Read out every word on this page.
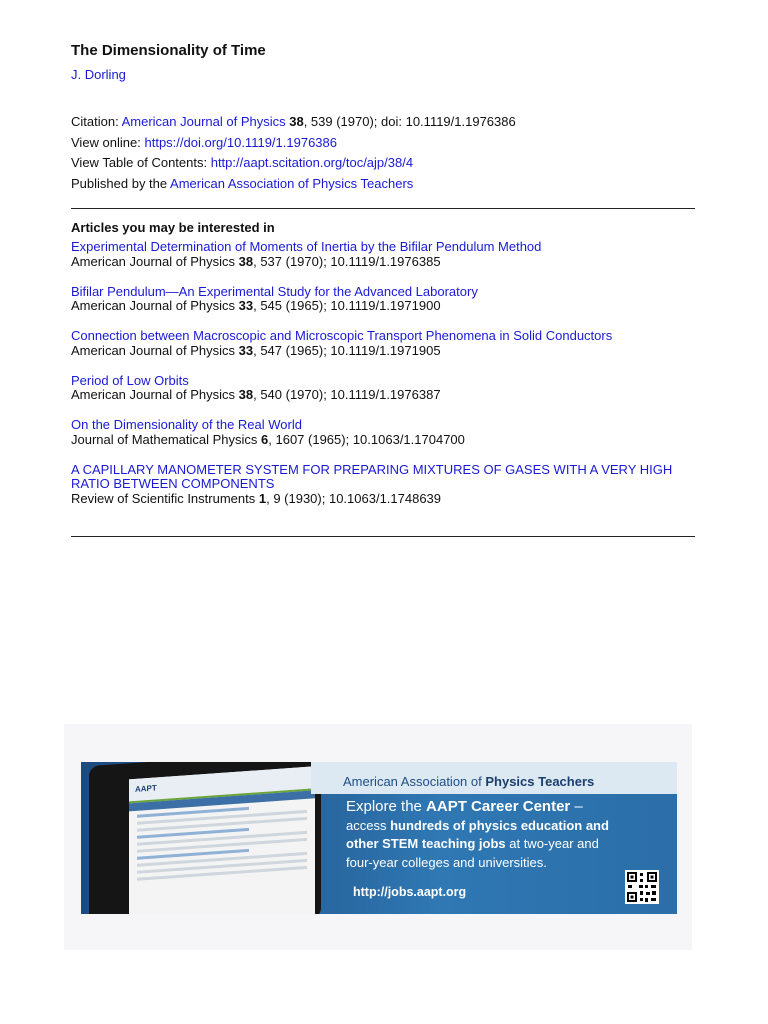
The Dimensionality of Time
J. Dorling
Citation: American Journal of Physics 38, 539 (1970); doi: 10.1119/1.1976386
View online: https://doi.org/10.1119/1.1976386
View Table of Contents: http://aapt.scitation.org/toc/ajp/38/4
Published by the American Association of Physics Teachers
Articles you may be interested in
Experimental Determination of Moments of Inertia by the Bifilar Pendulum Method
American Journal of Physics 38, 537 (1970); 10.1119/1.1976385
Bifilar Pendulum—An Experimental Study for the Advanced Laboratory
American Journal of Physics 33, 545 (1965); 10.1119/1.1971900
Connection between Macroscopic and Microscopic Transport Phenomena in Solid Conductors
American Journal of Physics 33, 547 (1965); 10.1119/1.1971905
Period of Low Orbits
American Journal of Physics 38, 540 (1970); 10.1119/1.1976387
On the Dimensionality of the Real World
Journal of Mathematical Physics 6, 1607 (1965); 10.1063/1.1704700
A CAPILLARY MANOMETER SYSTEM FOR PREPARING MIXTURES OF GASES WITH A VERY HIGH RATIO BETWEEN COMPONENTS
Review of Scientific Instruments 1, 9 (1930); 10.1063/1.1748639
AAPT	American Association of Physics Teachers
Explore the AAPT Career Center –
access hundreds of physics education and
other STEM teaching jobs at two-year and
four-year colleges and universities.
http://jobs.aapt.org
